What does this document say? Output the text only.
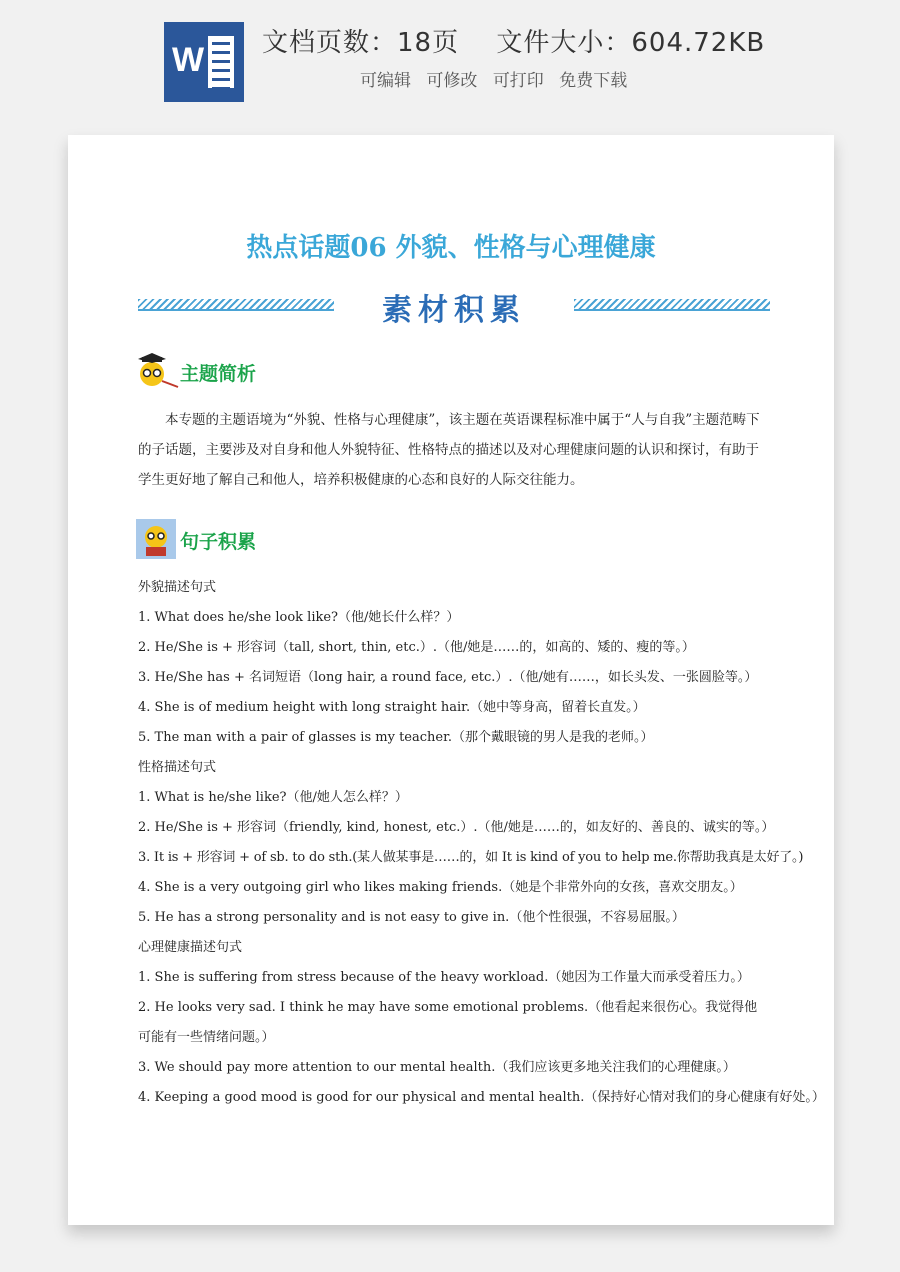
W 文档页数：18页 文件大小：604.72KB
可编辑 可修改 可打印 免费下载
热点话题06 外貌、性格与心理健康
素材积累
主题简析
本专题的主题语境为“外貌、性格与心理健康”，该主题在英语课程标准中属于“人与自我”主题范畴下的子话题，主要涉及对自身和他人外貌特征、性格特点的描述以及对心理健康问题的认识和探讨，有助于学生更好地了解自己和他人，培养积极健康的心态和良好的人际交往能力。
句子积累
外貌描述句式
1. What does he/she look like?（他/她长什么样？）
2. He/She is + 形容词（tall, short, thin, etc.）.（他/她是……的，如高的、矮的、瘦的等。）
3. He/She has + 名词短语（long hair, a round face, etc.）.（他/她有……，如长头发、一张圆脸等。）
4. She is of medium height with long straight hair.（她中等身高，留着长直发。）
5. The man with a pair of glasses is my teacher.（那个戴眼镜的男人是我的老师。）
性格描述句式
1. What is he/she like?（他/她人怎么样？）
2. He/She is + 形容词（friendly, kind, honest, etc.）.（他/她是……的，如友好的、善良的、诚实的等。）
3. It is + 形容词 + of sb. to do sth.(某人做某事是……的，如 It is kind of you to help me.你帮助我真是太好了。)
4. She is a very outgoing girl who likes making friends.（她是个非常外向的女孩，喜欢交朋友。）
5. He has a strong personality and is not easy to give in.（他个性很强，不容易屈服。）
心理健康描述句式
1. She is suffering from stress because of the heavy workload.（她因为工作量大而承受着压力。）
2. He looks very sad. I think he may have some emotional problems.（他看起来很伤心。我觉得他可能有一些情绪问题。）
3. We should pay more attention to our mental health.（我们应该更多地关注我们的心理健康。）
4. Keeping a good mood is good for our physical and mental health.（保持好心情对我们的身心健康有好处。）
